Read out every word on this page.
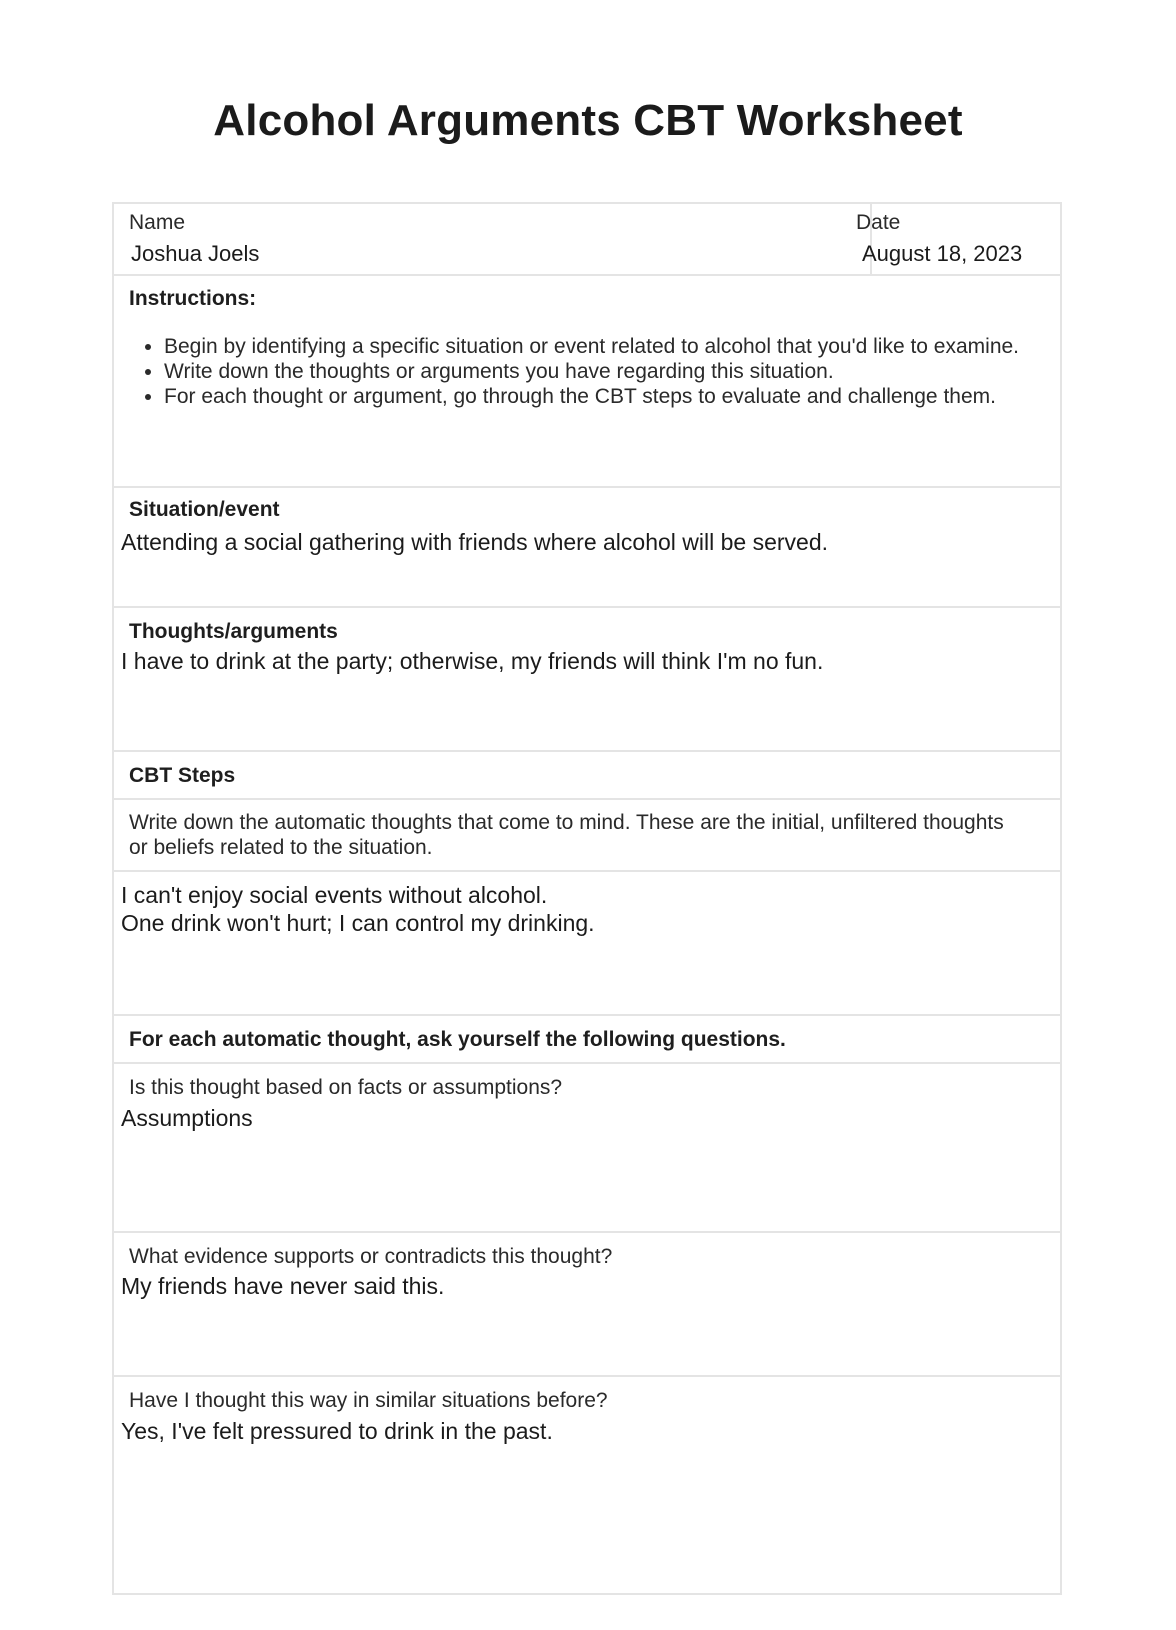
Alcohol Arguments CBT Worksheet
Name
Joshua Joels
Date
August 18, 2023
Instructions:
• Begin by identifying a specific situation or event related to alcohol that you'd like to examine.
• Write down the thoughts or arguments you have regarding this situation.
• For each thought or argument, go through the CBT steps to evaluate and challenge them.
Situation/event
Attending a social gathering with friends where alcohol will be served.
Thoughts/arguments
I have to drink at the party; otherwise, my friends will think I'm no fun.
CBT Steps
Write down the automatic thoughts that come to mind. These are the initial, unfiltered thoughts or beliefs related to the situation.
I can't enjoy social events without alcohol.
One drink won't hurt; I can control my drinking.
For each automatic thought, ask yourself the following questions.
Is this thought based on facts or assumptions?
Assumptions
What evidence supports or contradicts this thought?
My friends have never said this.
Have I thought this way in similar situations before?
Yes, I've felt pressured to drink in the past.
